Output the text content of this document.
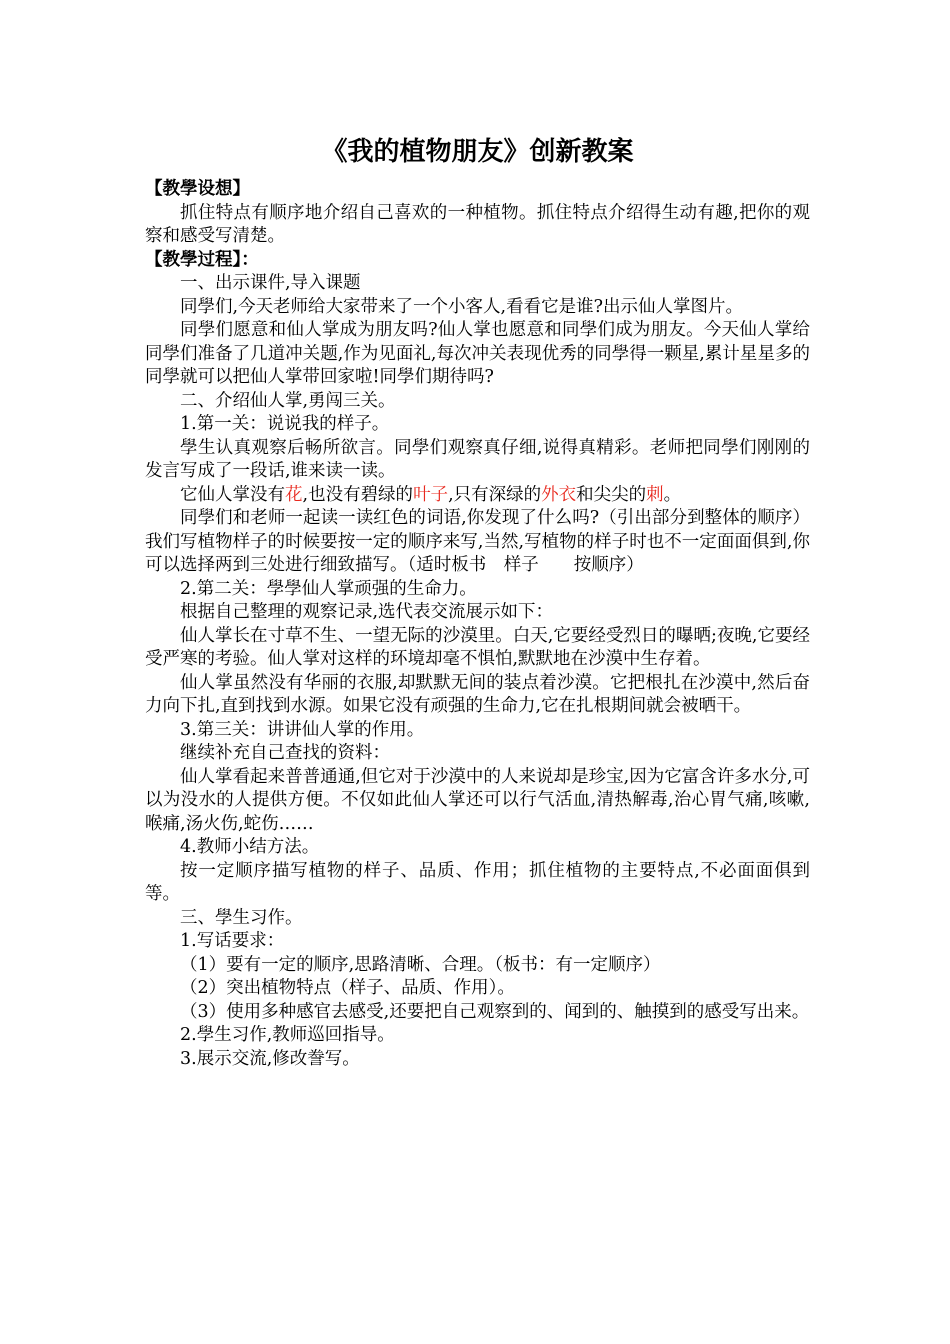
《我的植物朋友》创新教案
【教學设想】
抓住特点有顺序地介绍自己喜欢的一种植物。抓住特点介绍得生动有趣,把你的观察和感受写清楚。
【教學过程】：
一、出示课件,导入课题
同學们,今天老师给大家带来了一个小客人,看看它是谁?出示仙人掌图片。
同學们愿意和仙人掌成为朋友吗?仙人掌也愿意和同學们成为朋友。今天仙人掌给同學们准备了几道冲关题,作为见面礼,每次冲关表现优秀的同學得一颗星,累计星星多的同學就可以把仙人掌带回家啦!同學们期待吗?
二、介绍仙人掌,勇闯三关。
1.第一关：说说我的样子。
學生认真观察后畅所欲言。同學们观察真仔细,说得真精彩。老师把同學们刚刚的发言写成了一段话,谁来读一读。
它仙人掌没有花,也没有碧绿的叶子,只有深绿的外衣和尖尖的刺。
同學们和老师一起读一读红色的词语,你发现了什么吗?（引出部分到整体的顺序）我们写植物样子的时候要按一定的顺序来写,当然,写植物的样子时也不一定面面俱到,你可以选择两到三处进行细致描写。（适时板书　样子　　按顺序）
2.第二关：學學仙人掌顽强的生命力。
根据自己整理的观察记录,选代表交流展示如下：
仙人掌长在寸草不生、一望无际的沙漠里。白天,它要经受烈日的曝晒;夜晚,它要经受严寒的考验。仙人掌对这样的环境却毫不惧怕,默默地在沙漠中生存着。
仙人掌虽然没有华丽的衣服,却默默无间的装点着沙漠。它把根扎在沙漠中,然后奋力向下扎,直到找到水源。如果它没有顽强的生命力,它在扎根期间就会被晒干。
3.第三关：讲讲仙人掌的作用。
继续补充自己查找的资料：
仙人掌看起来普普通通,但它对于沙漠中的人来说却是珍宝,因为它富含许多水分,可以为没水的人提供方便。不仅如此仙人掌还可以行气活血,清热解毒,治心胃气痛,咳嗽,喉痛,汤火伤,蛇伤……
4.教师小结方法。
按一定顺序描写植物的样子、品质、作用；抓住植物的主要特点,不必面面俱到等。
三、學生习作。
1.写话要求：
（1）要有一定的顺序,思路清晰、合理。（板书：有一定顺序）
（2）突出植物特点（样子、品质、作用）。
（3）使用多种感官去感受,还要把自己观察到的、闻到的、触摸到的感受写出来。
2.學生习作,教师巡回指导。
3.展示交流,修改誊写。
